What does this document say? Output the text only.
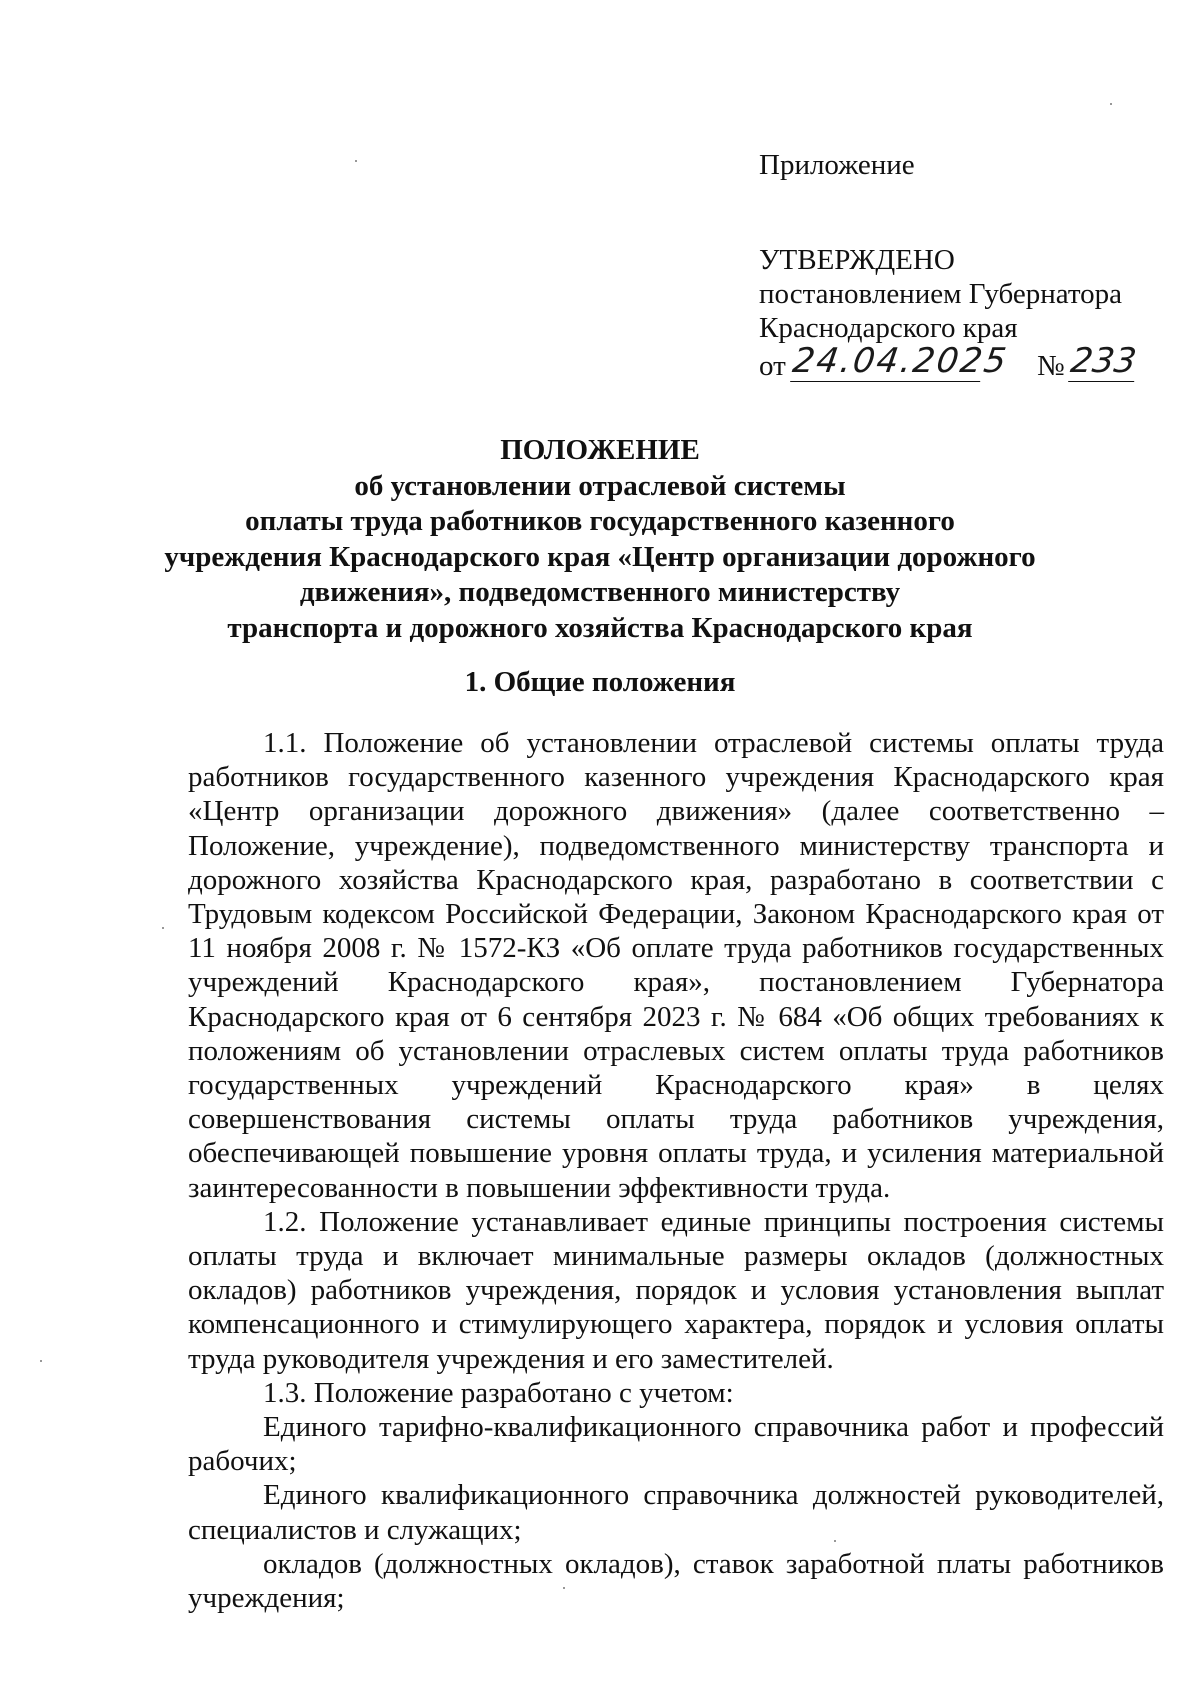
Приложение
УТВЕРЖДЕНО
постановлением Губернатора
Краснодарского края
от 24.04.2025 № 233
ПОЛОЖЕНИЕ
об установлении отраслевой системы
оплаты труда работников государственного казенного
учреждения Краснодарского края «Центр организации дорожного
движения», подведомственного министерству
транспорта и дорожного хозяйства Краснодарского края
1. Общие положения

1.1. Положение об установлении отраслевой системы оплаты труда работников государственного казенного учреждения Краснодарского края «Центр организации дорожного движения» (далее соответственно – Положение, учреждение), подведомственного министерству транспорта и дорожного хозяйства Краснодарского края, разработано в соответствии с Трудовым кодексом Российской Федерации, Законом Краснодарского края от 11 ноября 2008 г. № 1572-КЗ «Об оплате труда работников государственных учреждений Краснодарского края», постановлением Губернатора Краснодарского края от 6 сентября 2023 г. № 684 «Об общих требованиях к положениям об установлении отраслевых систем оплаты труда работников государственных учреждений Краснодарского края» в целях совершенствования системы оплаты труда работников учреждения, обеспечивающей повышение уровня оплаты труда, и усиления материальной заинтересованности в повышении эффективности труда.

1.2. Положение устанавливает единые принципы построения системы оплаты труда и включает минимальные размеры окладов (должностных окладов) работников учреждения, порядок и условия установления выплат компенсационного и стимулирующего характера, порядок и условия оплаты труда руководителя учреждения и его заместителей.

1.3. Положение разработано с учетом:

Единого тарифно-квалификационного справочника работ и профессий рабочих;

Единого квалификационного справочника должностей руководителей, специалистов и служащих;

окладов (должностных окладов), ставок заработной платы работников учреждения;
